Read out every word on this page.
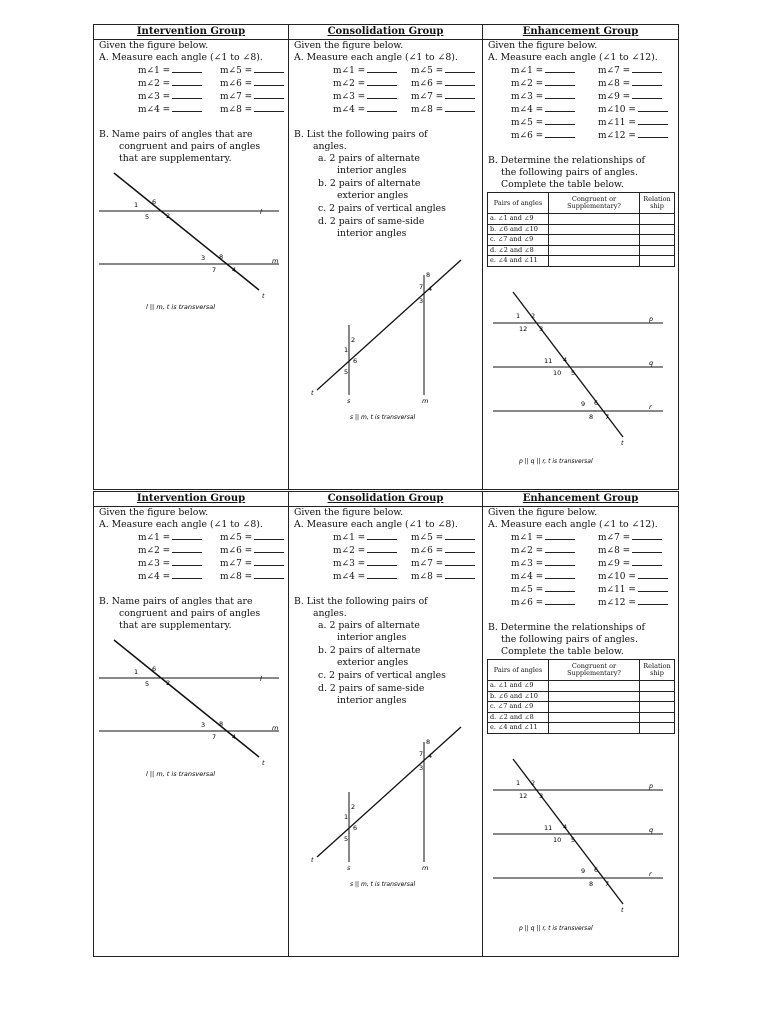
Intervention Group
Given the figure below.
A. Measure each angle (∠1 to ∠8).
m∠1 =	m∠5 =
m∠2 =	m∠6 =
m∠3 =	m∠7 =
m∠4 =	m∠8 =
B. Name pairs of angles that are
congruent and pairs of angles
that are supplementary.
1 6
5	2	l
3 8
7 4
m
t
l || m, t is transversal
Consolidation Group
Given the figure below.
A. Measure each angle (∠1 to ∠8).
m∠1 =	m∠5 =
m∠2 =	m∠6 =
m∠3 =	m∠7 =
m∠4 =	m∠8 =
B. List the following pairs of
angles.
a. 2 pairs of alternate
interior angles
b. 2 pairs of alternate
exterior angles
c. 2 pairs of vertical angles
d. 2 pairs of same-side
interior angles
7
8
4
3
2
1
6
5
t
s	m
s || m, t is transversal
Enhancement Group
Given the figure below.
A. Measure each angle (∠1 to ∠12).
m∠1 =	m∠7 =
m∠2 =	m∠8 =
m∠3 =	m∠9 =
m∠4 =	m∠10 =
m∠5 =	m∠11 =
m∠6 =	m∠12 =
B. Determine the relationships of
the following pairs of angles.
Complete the table below.
Pairs of angles	Congruent or Supplementary?	Relation ship
a. ∠1 and ∠9		
b. ∠6 and ∠10		
c. ∠7 and ∠9		
d. ∠2 and ∠8		
e. ∠4 and ∠11		
1 2
12 3
p
11 4
10 5
q
9 6
8 7
r
t
p || q || r, t is transversal
Intervention Group
Given the figure below.
A. Measure each angle (∠1 to ∠8).
m∠1 =	m∠5 =
m∠2 =	m∠6 =
m∠3 =	m∠7 =
m∠4 =	m∠8 =
B. Name pairs of angles that are
congruent and pairs of angles
that are supplementary.
1 6
5	2	l
3 8
7 4
m
t
l || m, t is transversal
Consolidation Group
Given the figure below.
A. Measure each angle (∠1 to ∠8).
m∠1 =	m∠5 =
m∠2 =	m∠6 =
m∠3 =	m∠7 =
m∠4 =	m∠8 =
B. List the following pairs of
angles.
a. 2 pairs of alternate
interior angles
b. 2 pairs of alternate
exterior angles
c. 2 pairs of vertical angles
d. 2 pairs of same-side
interior angles
7
8
4
3
2
1
6
5
t
s	m
s || m, t is transversal
Enhancement Group
Given the figure below.
A. Measure each angle (∠1 to ∠12).
m∠1 =	m∠7 =
m∠2 =	m∠8 =
m∠3 =	m∠9 =
m∠4 =	m∠10 =
m∠5 =	m∠11 =
m∠6 =	m∠12 =
B. Determine the relationships of
the following pairs of angles.
Complete the table below.
Pairs of angles	Congruent or Supplementary?	Relation ship
a. ∠1 and ∠9		
b. ∠6 and ∠10		
c. ∠7 and ∠9		
d. ∠2 and ∠8		
e. ∠4 and ∠11		
1 2
12 3
p
11 4
10 5
q
9 6
8 7
r
t
p || q || r, t is transversal
